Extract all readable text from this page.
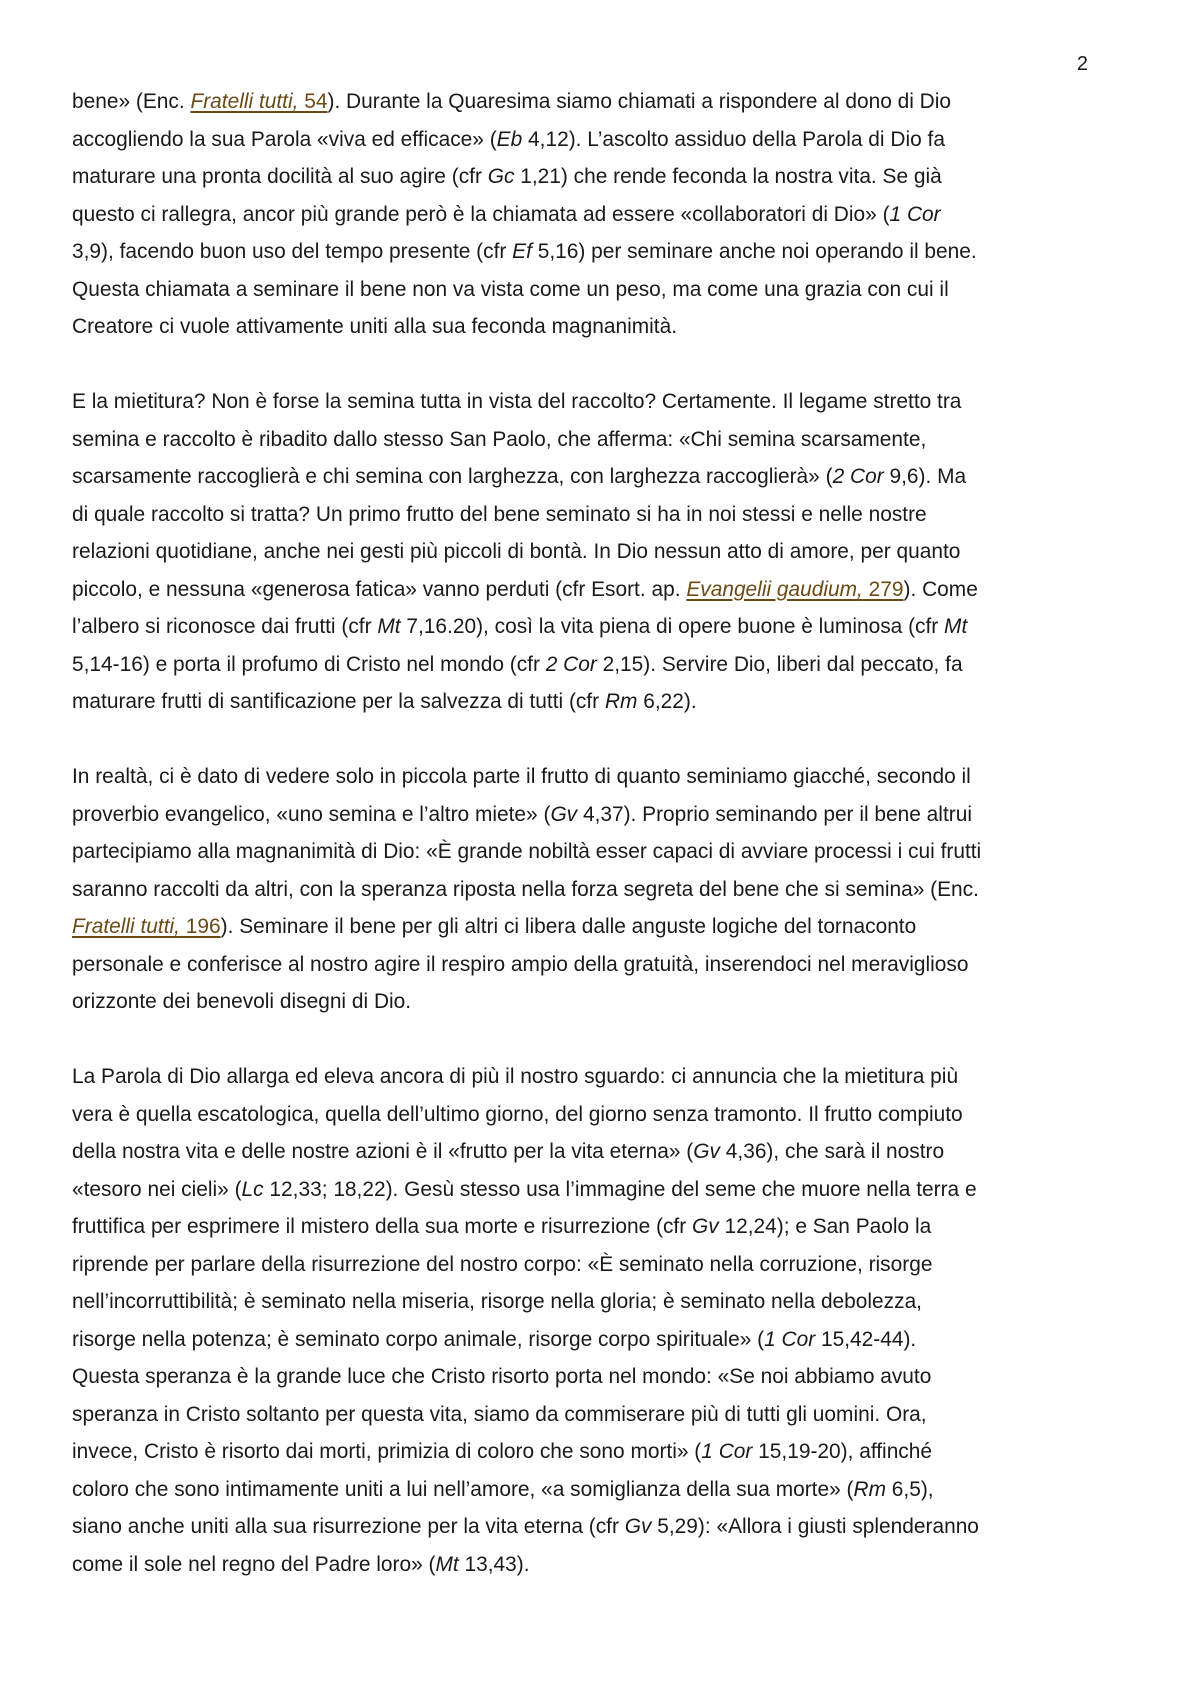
2
bene» (Enc. Fratelli tutti, 54). Durante la Quaresima siamo chiamati a rispondere al dono di Dio
accogliendo la sua Parola «viva ed efficace» (Eb 4,12). L’ascolto assiduo della Parola di Dio fa
maturare una pronta docilità al suo agire (cfr Gc 1,21) che rende feconda la nostra vita. Se già
questo ci rallegra, ancor più grande però è la chiamata ad essere «collaboratori di Dio» (1 Cor
3,9), facendo buon uso del tempo presente (cfr Ef 5,16) per seminare anche noi operando il bene.
Questa chiamata a seminare il bene non va vista come un peso, ma come una grazia con cui il
Creatore ci vuole attivamente uniti alla sua feconda magnanimità.
E la mietitura? Non è forse la semina tutta in vista del raccolto? Certamente. Il legame stretto tra
semina e raccolto è ribadito dallo stesso San Paolo, che afferma: «Chi semina scarsamente,
scarsamente raccoglierà e chi semina con larghezza, con larghezza raccoglierà» (2 Cor 9,6). Ma
di quale raccolto si tratta? Un primo frutto del bene seminato si ha in noi stessi e nelle nostre
relazioni quotidiane, anche nei gesti più piccoli di bontà. In Dio nessun atto di amore, per quanto
piccolo, e nessuna «generosa fatica» vanno perduti (cfr Esort. ap. Evangelii gaudium, 279). Come
l’albero si riconosce dai frutti (cfr Mt 7,16.20), così la vita piena di opere buone è luminosa (cfr Mt
5,14-16) e porta il profumo di Cristo nel mondo (cfr 2 Cor 2,15). Servire Dio, liberi dal peccato, fa
maturare frutti di santificazione per la salvezza di tutti (cfr Rm 6,22).
In realtà, ci è dato di vedere solo in piccola parte il frutto di quanto seminiamo giacché, secondo il
proverbio evangelico, «uno semina e l’altro miete» (Gv 4,37). Proprio seminando per il bene altrui
partecipiamo alla magnanimità di Dio: «È grande nobiltà esser capaci di avviare processi i cui frutti
saranno raccolti da altri, con la speranza riposta nella forza segreta del bene che si semina» (Enc.
Fratelli tutti, 196). Seminare il bene per gli altri ci libera dalle anguste logiche del tornaconto
personale e conferisce al nostro agire il respiro ampio della gratuità, inserendoci nel meraviglioso
orizzonte dei benevoli disegni di Dio.
La Parola di Dio allarga ed eleva ancora di più il nostro sguardo: ci annuncia che la mietitura più
vera è quella escatologica, quella dell’ultimo giorno, del giorno senza tramonto. Il frutto compiuto
della nostra vita e delle nostre azioni è il «frutto per la vita eterna» (Gv 4,36), che sarà il nostro
«tesoro nei cieli» (Lc 12,33; 18,22). Gesù stesso usa l’immagine del seme che muore nella terra e
fruttifica per esprimere il mistero della sua morte e risurrezione (cfr Gv 12,24); e San Paolo la
riprende per parlare della risurrezione del nostro corpo: «È seminato nella corruzione, risorge
nell’incorruttibilità; è seminato nella miseria, risorge nella gloria; è seminato nella debolezza,
risorge nella potenza; è seminato corpo animale, risorge corpo spirituale» (1 Cor 15,42-44).
Questa speranza è la grande luce che Cristo risorto porta nel mondo: «Se noi abbiamo avuto
speranza in Cristo soltanto per questa vita, siamo da commiserare più di tutti gli uomini. Ora,
invece, Cristo è risorto dai morti, primizia di coloro che sono morti» (1 Cor 15,19-20), affinché
coloro che sono intimamente uniti a lui nell’amore, «a somiglianza della sua morte» (Rm 6,5),
siano anche uniti alla sua risurrezione per la vita eterna (cfr Gv 5,29): «Allora i giusti splenderanno
come il sole nel regno del Padre loro» (Mt 13,43).
